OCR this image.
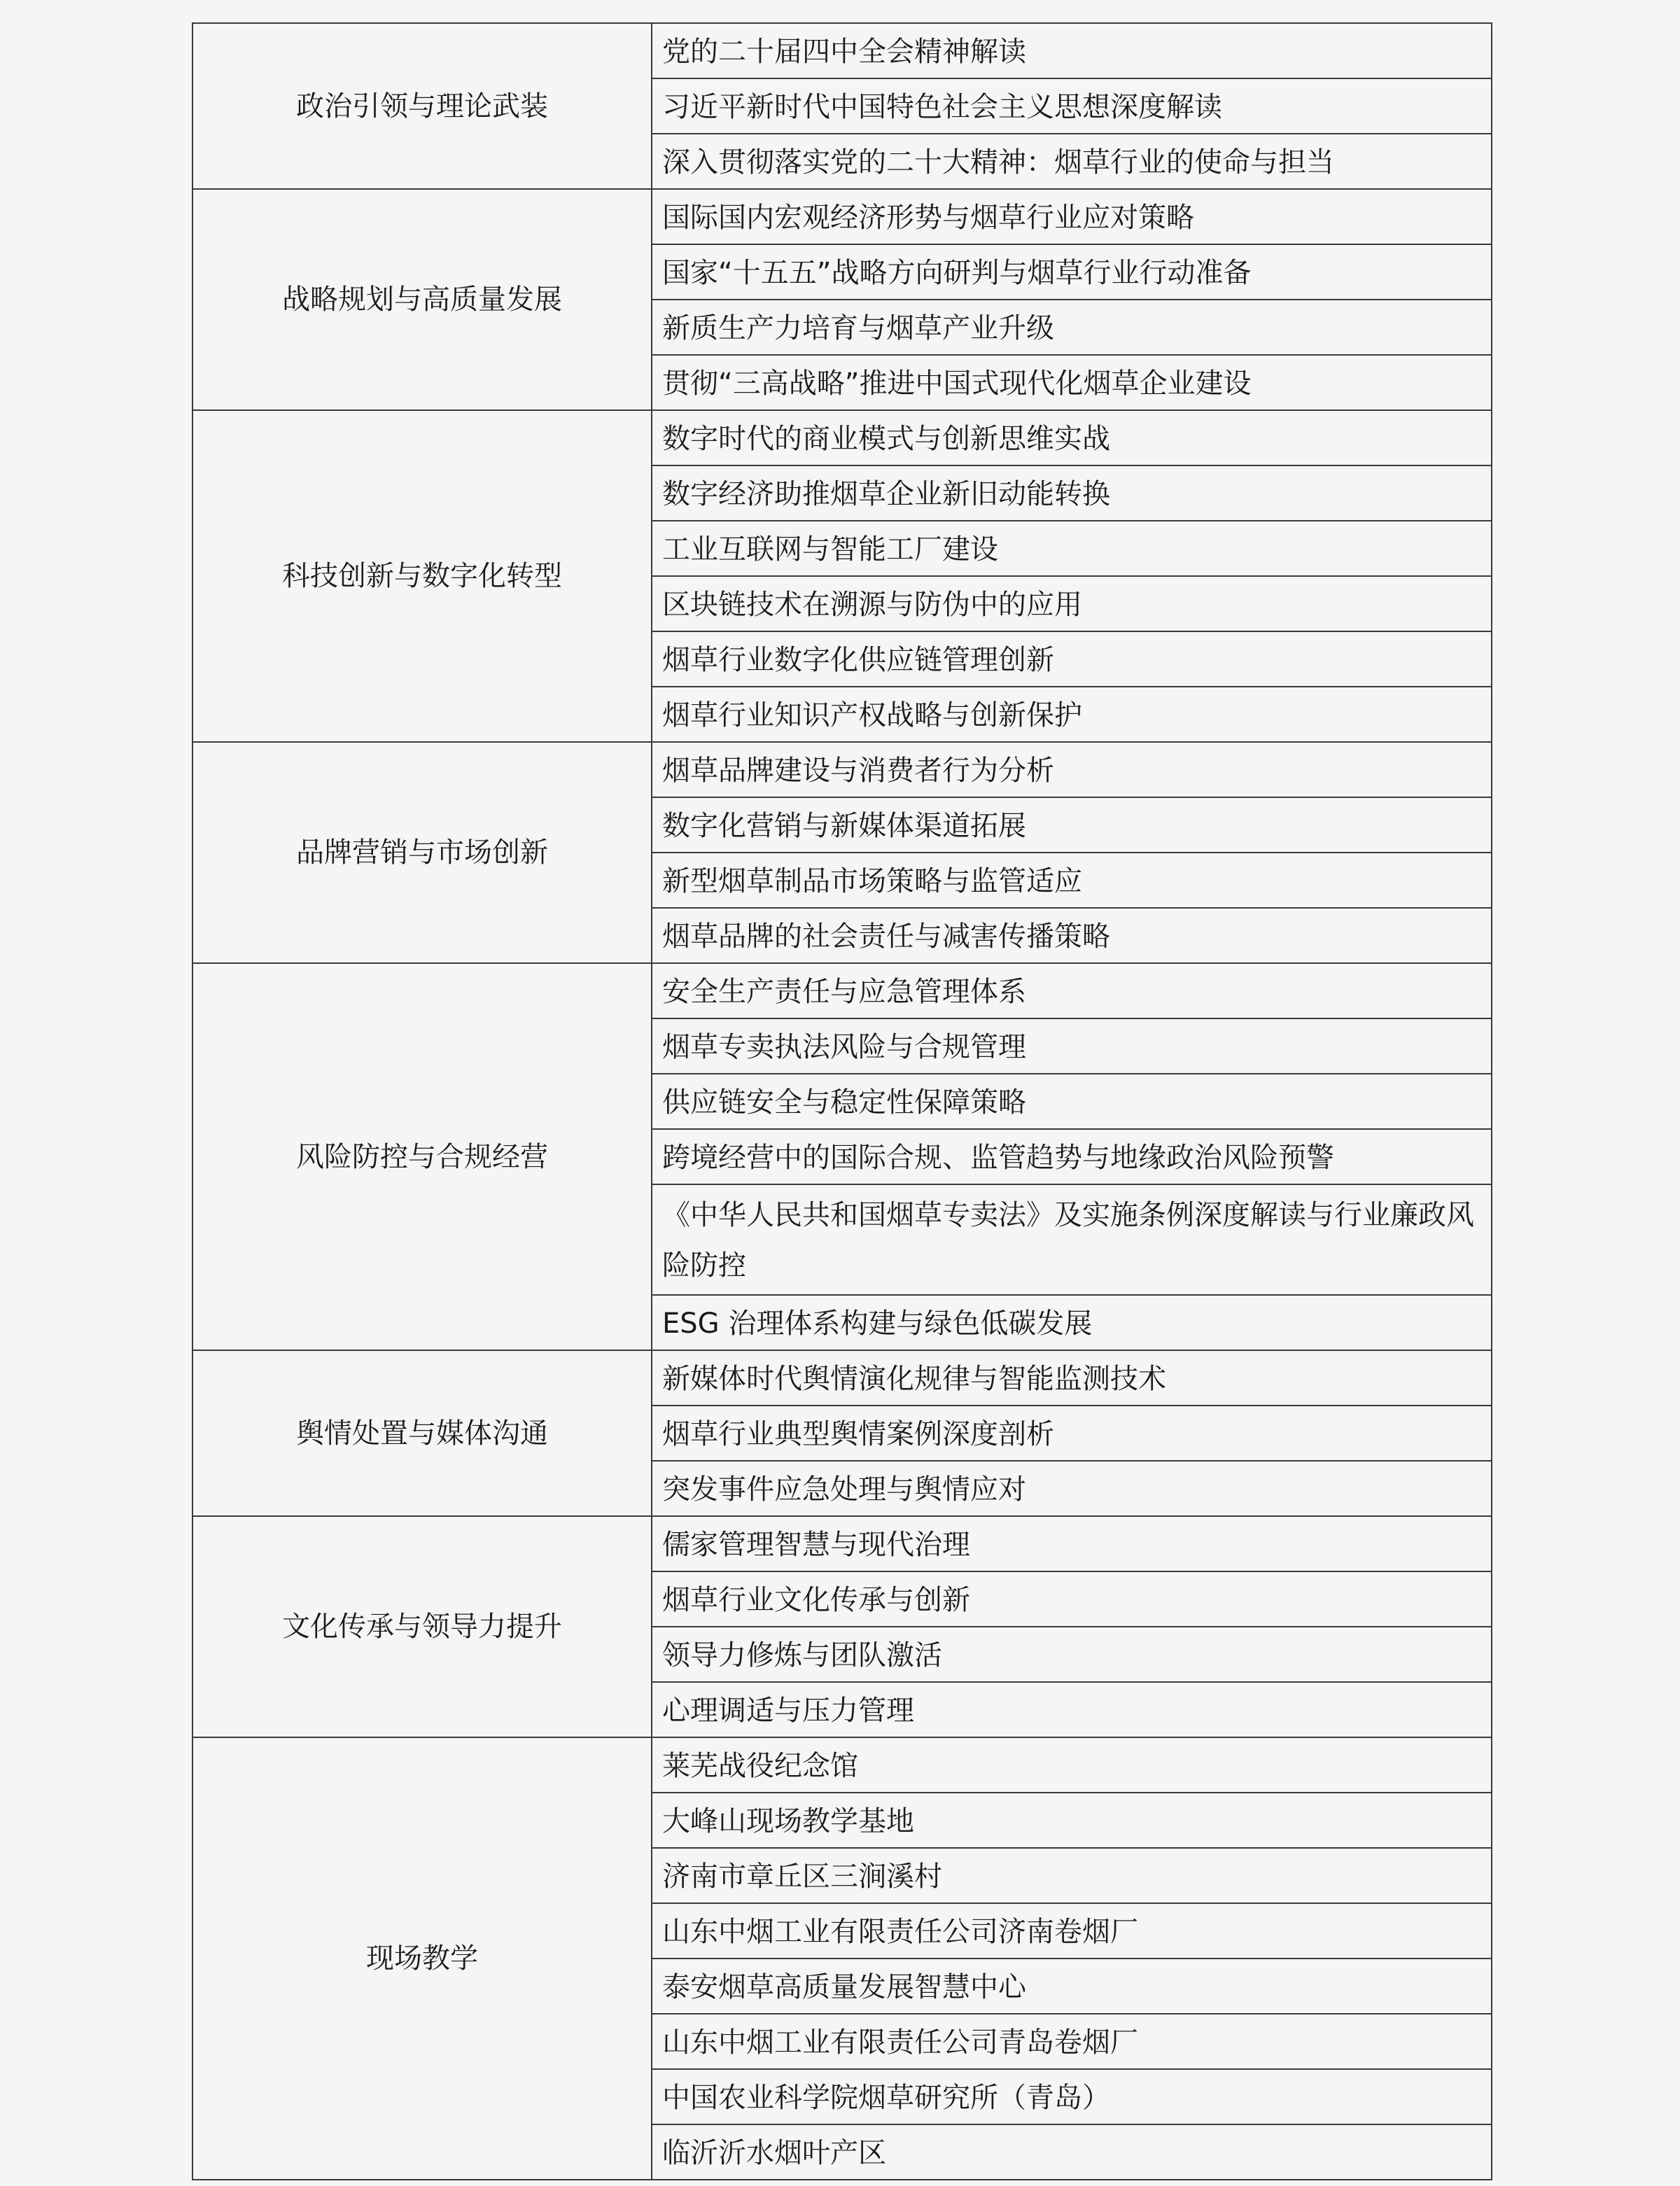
政治引领与理论武装	党的二十届四中全会精神解读
	习近平新时代中国特色社会主义思想深度解读
	深入贯彻落实党的二十大精神：烟草行业的使命与担当
战略规划与高质量发展	国际国内宏观经济形势与烟草行业应对策略
	国家“十五五”战略方向研判与烟草行业行动准备
	新质生产力培育与烟草产业升级
	贯彻“三高战略”推进中国式现代化烟草企业建设
科技创新与数字化转型	数字时代的商业模式与创新思维实战
	数字经济助推烟草企业新旧动能转换
	工业互联网与智能工厂建设
	区块链技术在溯源与防伪中的应用
	烟草行业数字化供应链管理创新
	烟草行业知识产权战略与创新保护
品牌营销与市场创新	烟草品牌建设与消费者行为分析
	数字化营销与新媒体渠道拓展
	新型烟草制品市场策略与监管适应
	烟草品牌的社会责任与减害传播策略
风险防控与合规经营	安全生产责任与应急管理体系
	烟草专卖执法风险与合规管理
	供应链安全与稳定性保障策略
	跨境经营中的国际合规、监管趋势与地缘政治风险预警
	《中华人民共和国烟草专卖法》及实施条例深度解读与行业廉政风险防控
	ESG 治理体系构建与绿色低碳发展
舆情处置与媒体沟通	新媒体时代舆情演化规律与智能监测技术
	烟草行业典型舆情案例深度剖析
	突发事件应急处理与舆情应对
文化传承与领导力提升	儒家管理智慧与现代治理
	烟草行业文化传承与创新
	领导力修炼与团队激活
	心理调适与压力管理
现场教学	莱芜战役纪念馆
	大峰山现场教学基地
	济南市章丘区三涧溪村
	山东中烟工业有限责任公司济南卷烟厂
	泰安烟草高质量发展智慧中心
	山东中烟工业有限责任公司青岛卷烟厂
	中国农业科学院烟草研究所（青岛）
	临沂沂水烟叶产区
